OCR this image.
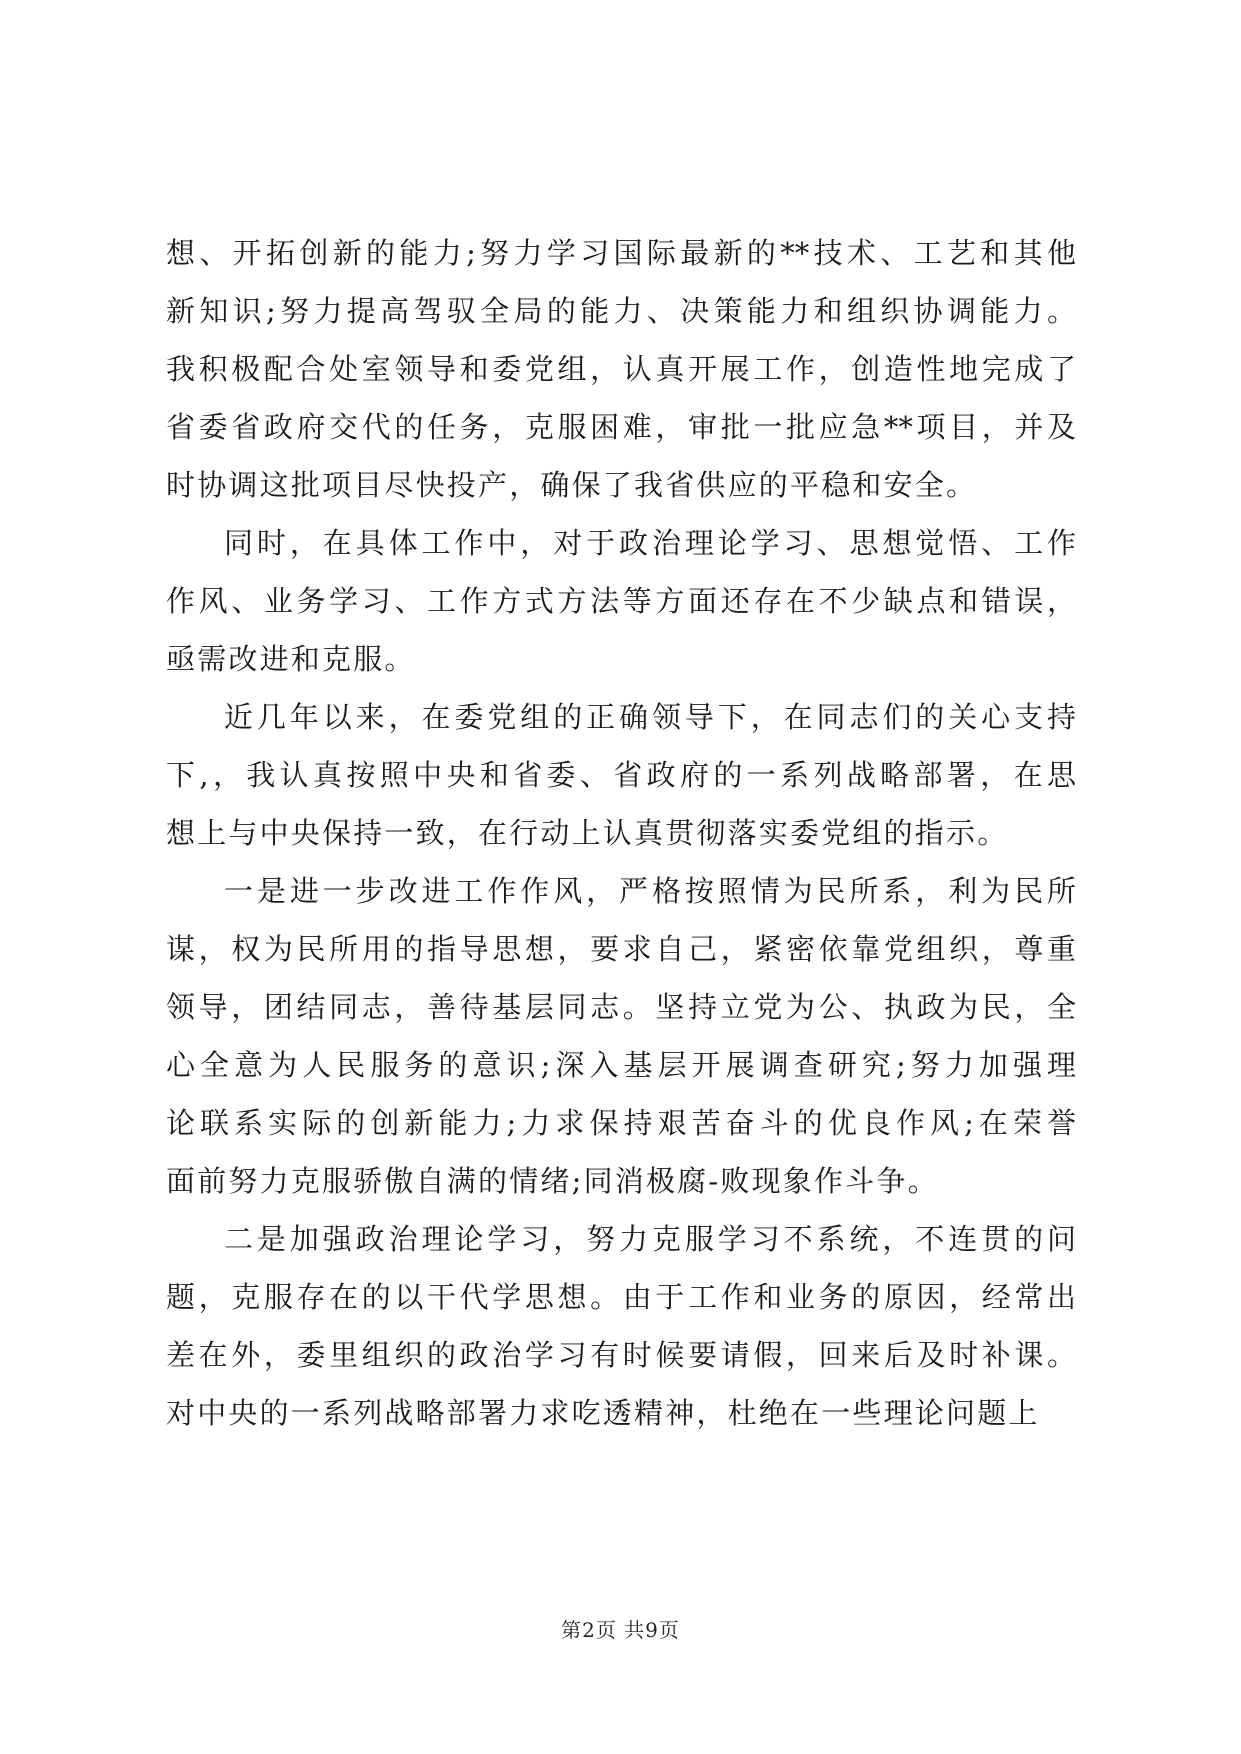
想、开拓创新的能力;努力学习国际最新的**技术、工艺和其他
新知识;努力提高驾驭全局的能力、决策能力和组织协调能力。
我积极配合处室领导和委党组，认真开展工作，创造性地完成了
省委省政府交代的任务，克服困难，审批一批应急**项目，并及
时协调这批项目尽快投产，确保了我省供应的平稳和安全。
同时，在具体工作中，对于政治理论学习、思想觉悟、工作
作风、业务学习、工作方式方法等方面还存在不少缺点和错误，
亟需改进和克服。
近几年以来，在委党组的正确领导下，在同志们的关心支持
下,，我认真按照中央和省委、省政府的一系列战略部署，在思
想上与中央保持一致，在行动上认真贯彻落实委党组的指示。
一是进一步改进工作作风，严格按照情为民所系，利为民所
谋，权为民所用的指导思想，要求自己，紧密依靠党组织，尊重
领导，团结同志，善待基层同志。坚持立党为公、执政为民，全
心全意为人民服务的意识;深入基层开展调查研究;努力加强理
论联系实际的创新能力;力求保持艰苦奋斗的优良作风;在荣誉
面前努力克服骄傲自满的情绪;同消极腐-败现象作斗争。
二是加强政治理论学习，努力克服学习不系统，不连贯的问
题，克服存在的以干代学思想。由于工作和业务的原因，经常出
差在外，委里组织的政治学习有时候要请假，回来后及时补课。
对中央的一系列战略部署力求吃透精神，杜绝在一些理论问题上
第2页 共9页
